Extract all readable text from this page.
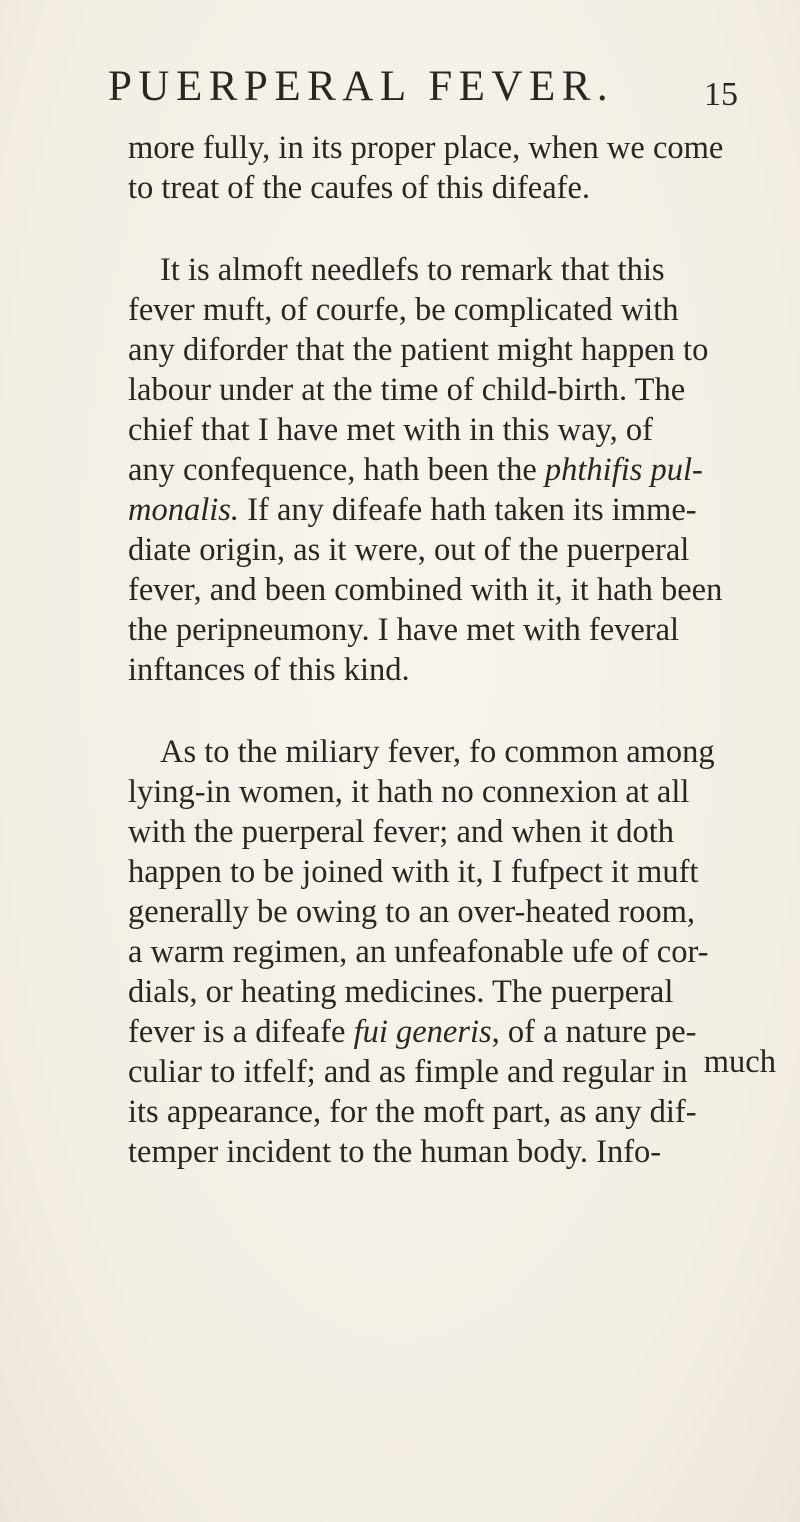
PUERPERAL FEVER.	15
more fully, in its proper place, when we come
to treat of the caufes of this difeafe.
It is almoft needlefs to remark that this
fever muft, of courfe, be complicated with
any diforder that the patient might happen to
labour under at the time of child-birth. The
chief that I have met with in this way, of
any confequence, hath been the phthifis pul-
monalis. If any difeafe hath taken its imme-
diate origin, as it were, out of the puerperal
fever, and been combined with it, it hath been
the peripneumony. I have met with feveral
inftances of this kind.
As to the miliary fever, fo common among
lying-in women, it hath no connexion at all
with the puerperal fever; and when it doth
happen to be joined with it, I fufpect it muft
generally be owing to an over-heated room,
a warm regimen, an unfeafonable ufe of cor-
dials, or heating medicines. The puerperal
fever is a difeafe fui generis, of a nature pe-
culiar to itfelf; and as fimple and regular in
its appearance, for the moft part, as any dif-
temper incident to the human body. Info-
much
